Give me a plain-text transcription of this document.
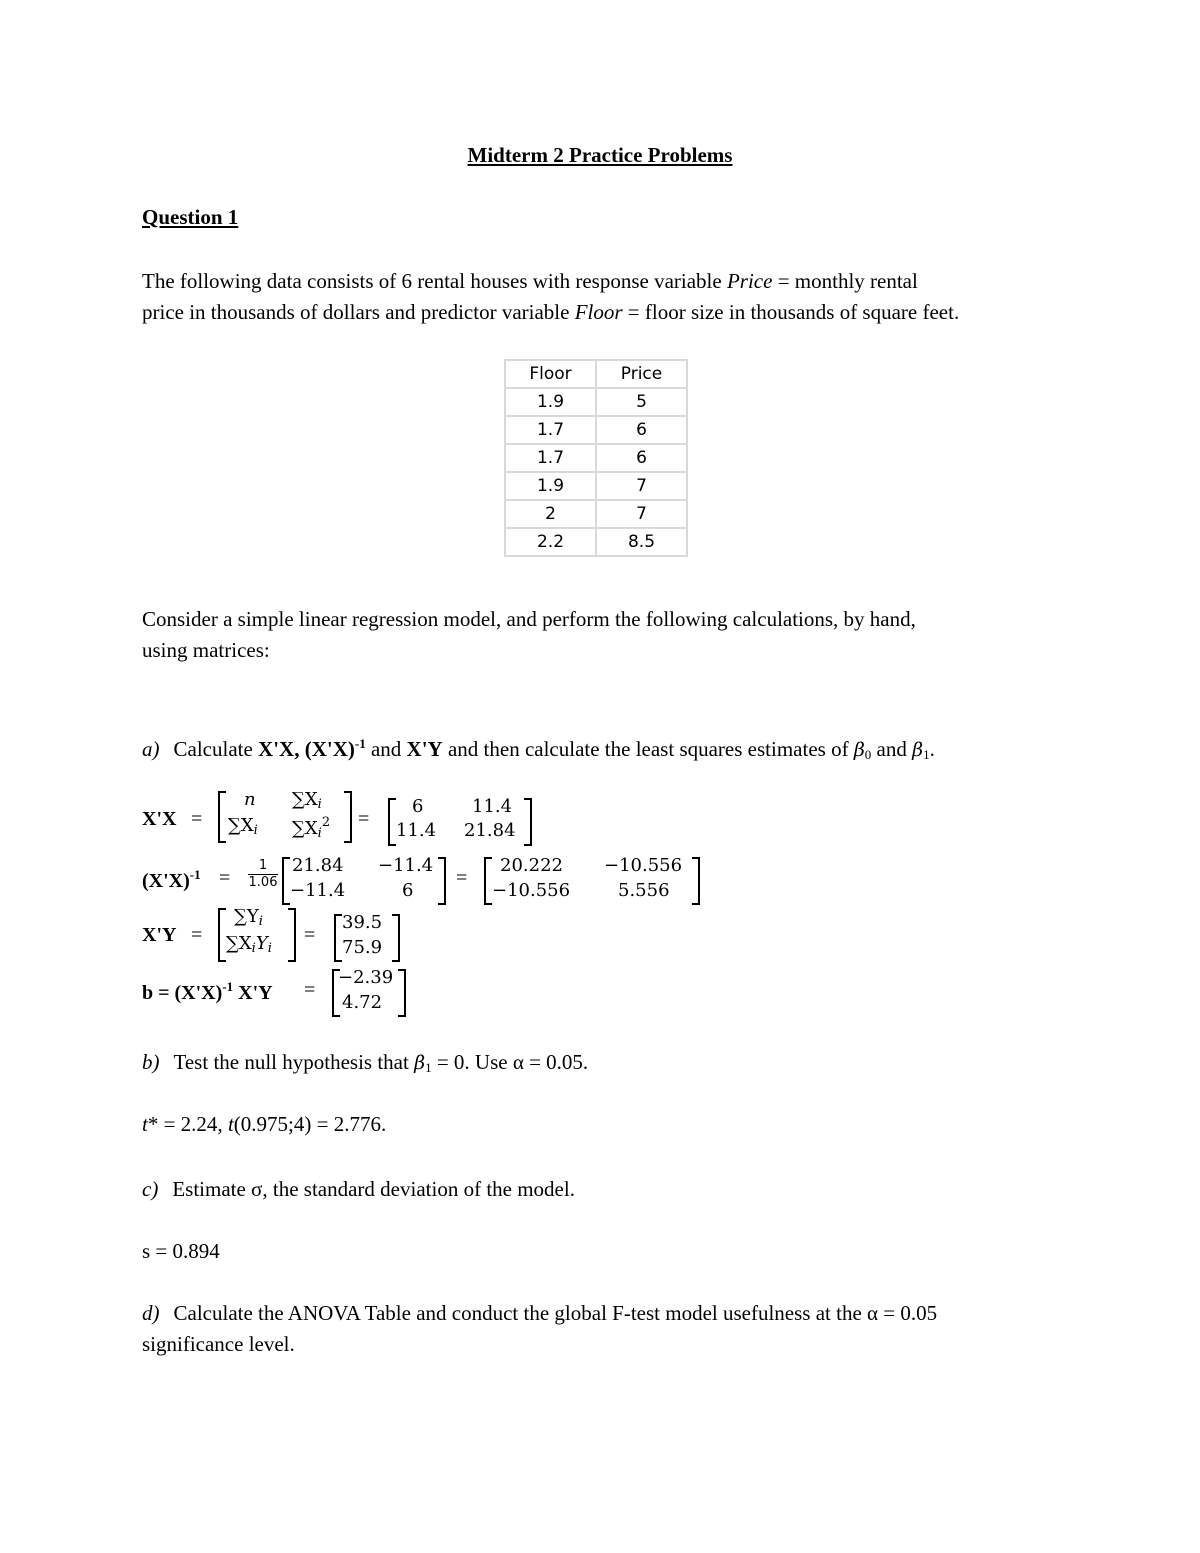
Midterm 2 Practice Problems
Question 1
The following data consists of 6 rental houses with response variable Price = monthly rental
price in thousands of dollars and predictor variable Floor = floor size in thousands of square feet.
Floor	Price
1.9	5
1.7	6
1.7	6
1.9	7
2	7
2.2	8.5
Consider a simple linear regression model, and perform the following calculations, by hand,
using matrices:
a) Calculate X'X, $(X'X)^{-1}$ and X'Y and then calculate the least squares estimates of $\beta_0$ and $\beta_1$.
X'X =
n $\sum X_i$
$\sum X_i$ $\sum X_i^2$ =
6	11.4
11.4 21.84
$(X'X)^{-1} = \frac{1}{1.06} 21.84 -11.4$
−11.4	6
=
20.222 −10.556
−10.556	5.556
X'Y =
$\sum Y_i$
$\sum X_iY_i$
=
39.5
75.9
$b = (X'X)^{-1}$ X'Y =
−2.39
4.72
b) Test the null hypothesis that $\beta_1 = 0$. Use α = 0.05.
t* = 2.24, t(0.975;4) = 2.776.
c) Estimate σ, the standard deviation of the model.
s = 0.894
d) Calculate the ANOVA Table and conduct the global F-test model usefulness at the α = 0.05
significance level.
